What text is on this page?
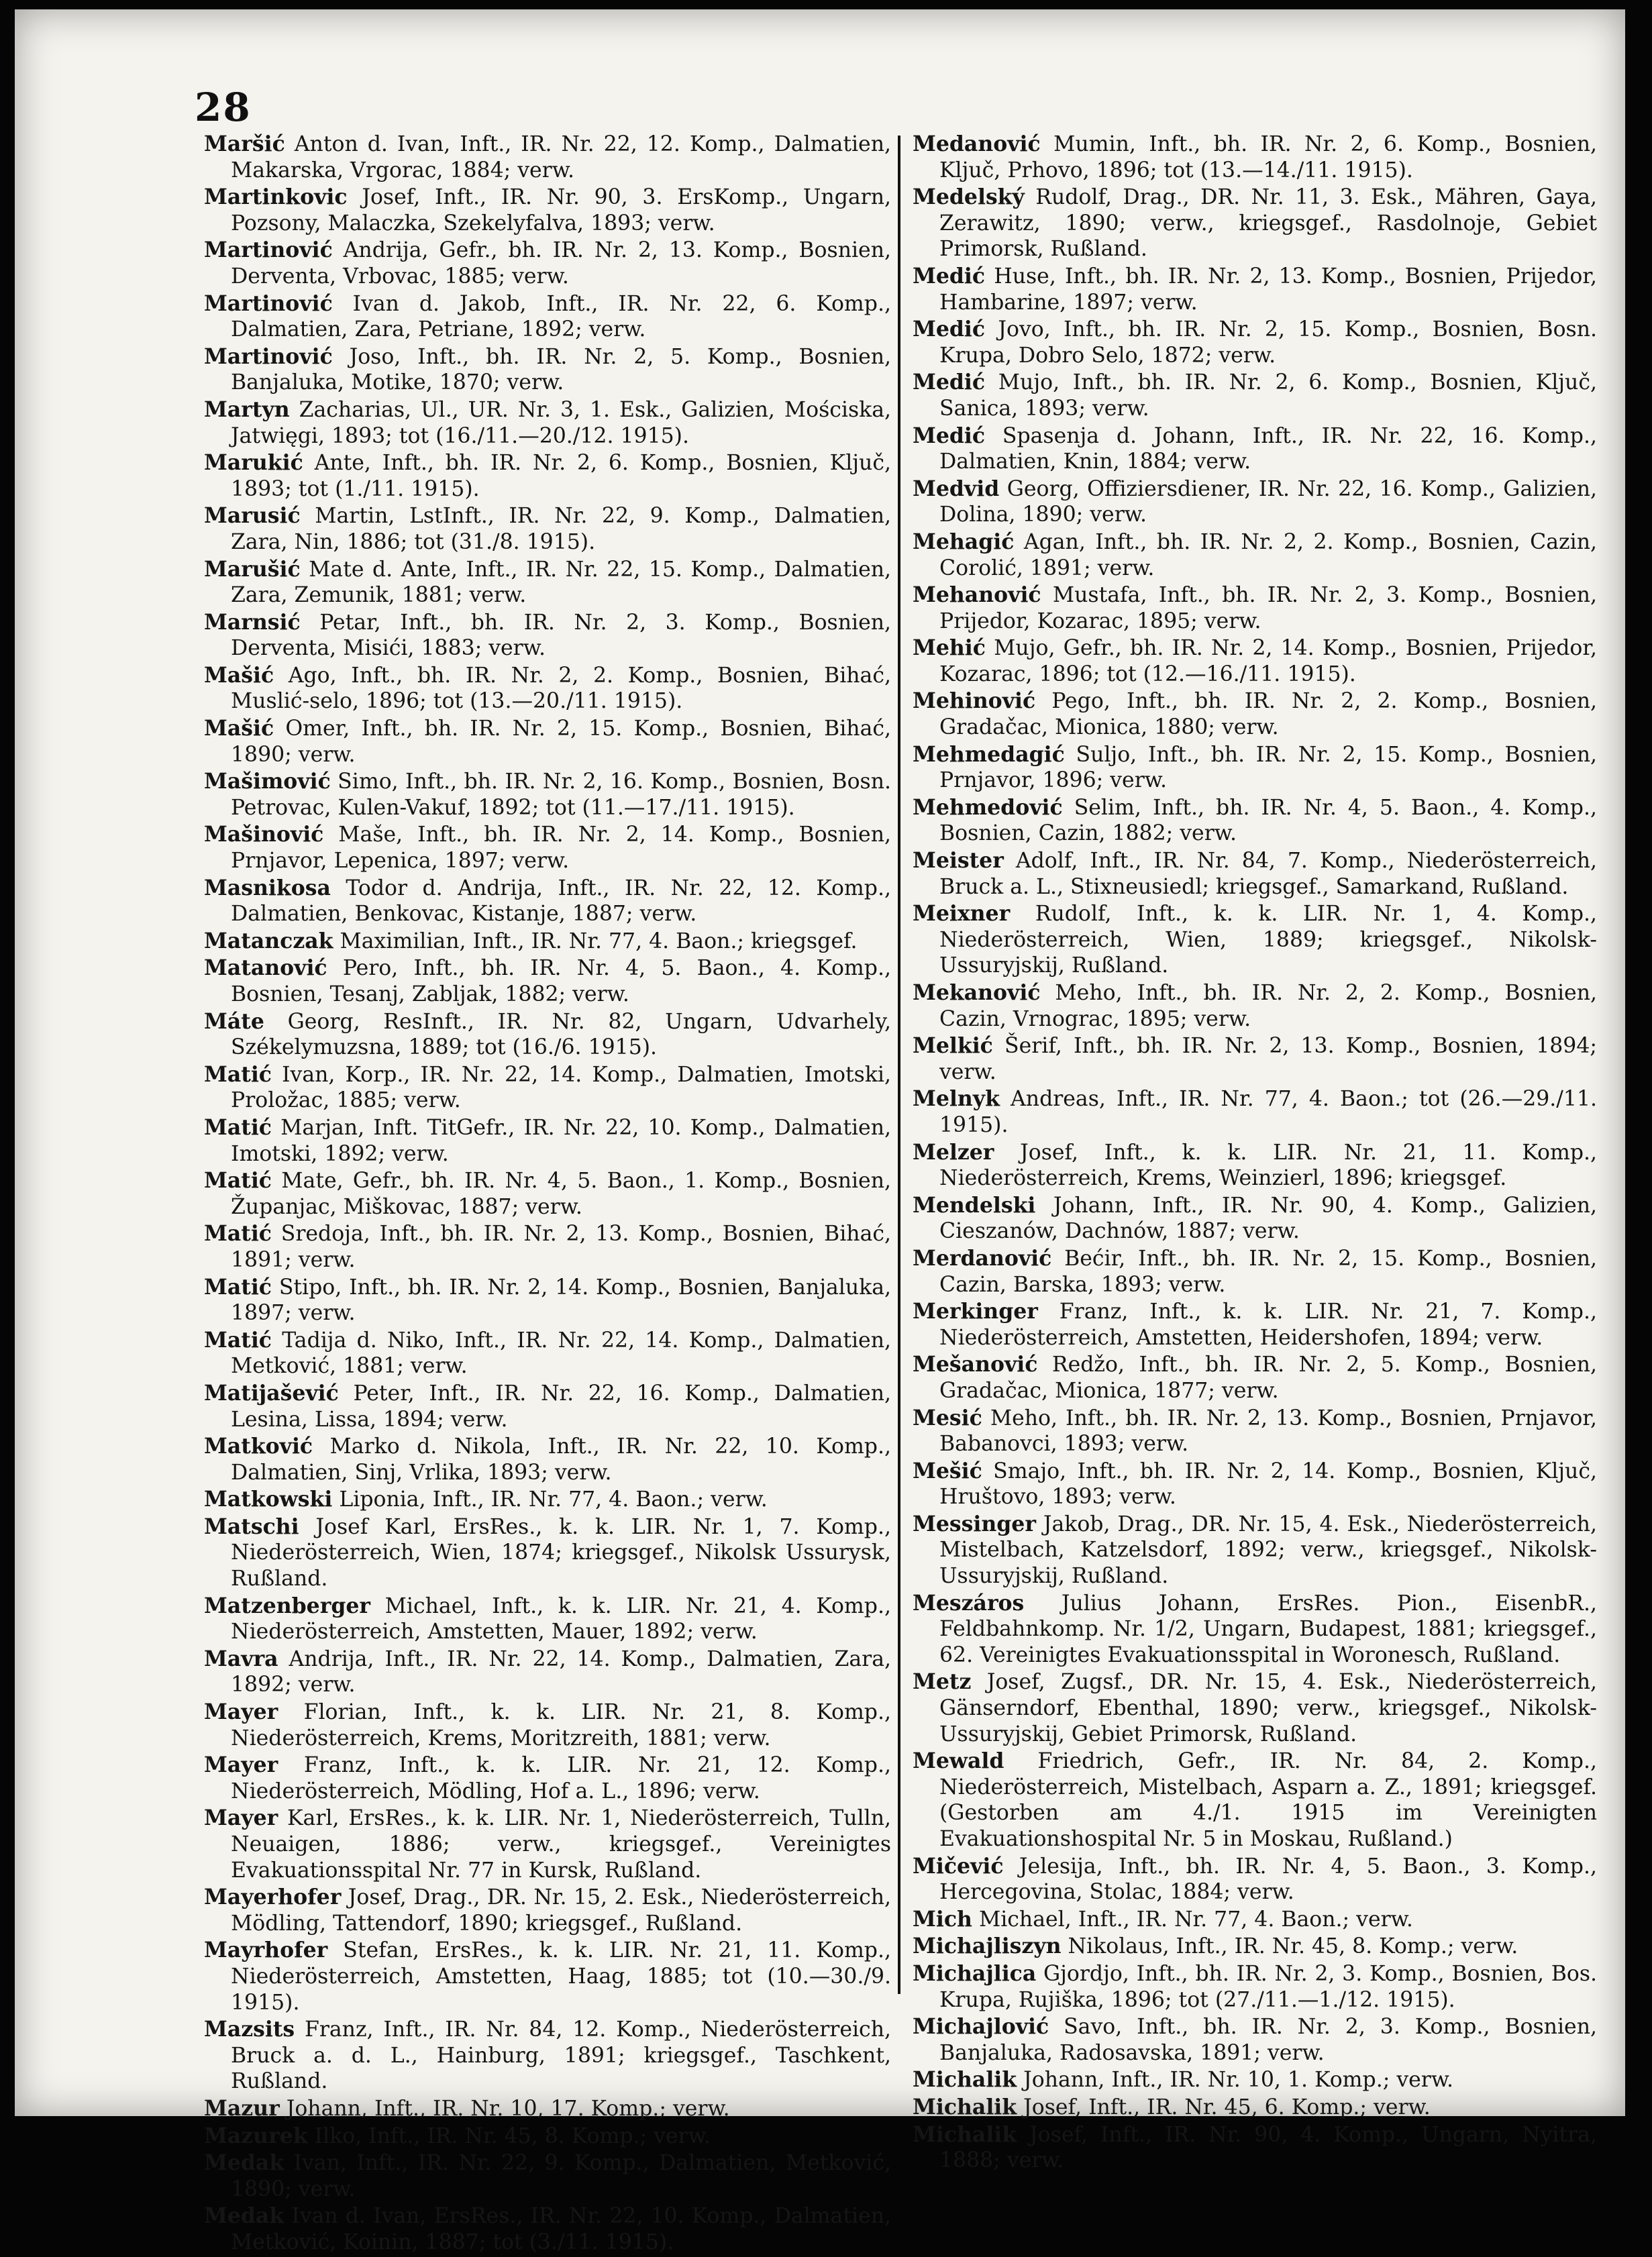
28

Maršić Anton d. Ivan, Inft., IR. Nr. 22, 12. Komp., Dalmatien, Makarska, Vrgorac, 1884; verw.

Martinkovic Josef, Inft., IR. Nr. 90, 3. ErsKomp., Ungarn, Pozsony, Malaczka, Szekelyfalva, 1893; verw.

Martinović Andrija, Gefr., bh. IR. Nr. 2, 13. Komp., Bosnien, Derventa, Vrbovac, 1885; verw.

Martinović Ivan d. Jakob, Inft., IR. Nr. 22, 6. Komp., Dalmatien, Zara, Petriane, 1892; verw.

Martinović Joso, Inft., bh. IR. Nr. 2, 5. Komp., Bosnien, Banjaluka, Motike, 1870; verw.

Martyn Zacharias, Ul., UR. Nr. 3, 1. Esk., Galizien, Mościska, Jatwięgi, 1893; tot (16./11.—20./12. 1915).

Marukić Ante, Inft., bh. IR. Nr. 2, 6. Komp., Bosnien, Ključ, 1893; tot (1./11. 1915).

Marusić Martin, LstInft., IR. Nr. 22, 9. Komp., Dalmatien, Zara, Nin, 1886; tot (31./8. 1915).

Marušić Mate d. Ante, Inft., IR. Nr. 22, 15. Komp., Dalmatien, Zara, Zemunik, 1881; verw.

Marnsić Petar, Inft., bh. IR. Nr. 2, 3. Komp., Bosnien, Derventa, Misići, 1883; verw.

Mašić Ago, Inft., bh. IR. Nr. 2, 2. Komp., Bosnien, Bihać, Muslić-selo, 1896; tot (13.—20./11. 1915).

Mašić Omer, Inft., bh. IR. Nr. 2, 15. Komp., Bosnien, Bihać, 1890; verw.

Mašimović Simo, Inft., bh. IR. Nr. 2, 16. Komp., Bosnien, Bosn. Petrovac, Kulen-Vakuf, 1892; tot (11.—17./11. 1915).

Mašinović Maše, Inft., bh. IR. Nr. 2, 14. Komp., Bosnien, Prnjavor, Lepenica, 1897; verw.

Masnikosa Todor d. Andrija, Inft., IR. Nr. 22, 12. Komp., Dalmatien, Benkovac, Kistanje, 1887; verw.

Matanczak Maximilian, Inft., IR. Nr. 77, 4. Baon.; kriegsgef.

Matanović Pero, Inft., bh. IR. Nr. 4, 5. Baon., 4. Komp., Bosnien, Tesanj, Zabljak, 1882; verw.

Máte Georg, ResInft., IR. Nr. 82, Ungarn, Udvarhely, Székelymuzsna, 1889; tot (16./6. 1915).

Matić Ivan, Korp., IR. Nr. 22, 14. Komp., Dalmatien, Imotski, Proložac, 1885; verw.

Matić Marjan, Inft. TitGefr., IR. Nr. 22, 10. Komp., Dalmatien, Imotski, 1892; verw.

Matić Mate, Gefr., bh. IR. Nr. 4, 5. Baon., 1. Komp., Bosnien, Županjac, Miškovac, 1887; verw.

Matić Sredoja, Inft., bh. IR. Nr. 2, 13. Komp., Bosnien, Bihać, 1891; verw.

Matić Stipo, Inft., bh. IR. Nr. 2, 14. Komp., Bosnien, Banjaluka, 1897; verw.

Matić Tadija d. Niko, Inft., IR. Nr. 22, 14. Komp., Dalmatien, Metković, 1881; verw.

Matijašević Peter, Inft., IR. Nr. 22, 16. Komp., Dalmatien, Lesina, Lissa, 1894; verw.

Matković Marko d. Nikola, Inft., IR. Nr. 22, 10. Komp., Dalmatien, Sinj, Vrlika, 1893; verw.

Matkowski Liponia, Inft., IR. Nr. 77, 4. Baon.; verw.

Matschi Josef Karl, ErsRes., k. k. LIR. Nr. 1, 7. Komp., Niederösterreich, Wien, 1874; kriegsgef., Nikolsk Ussurysk, Rußland.

Matzenberger Michael, Inft., k. k. LIR. Nr. 21, 4. Komp., Niederösterreich, Amstetten, Mauer, 1892; verw.

Mavra Andrija, Inft., IR. Nr. 22, 14. Komp., Dalmatien, Zara, 1892; verw.

Mayer Florian, Inft., k. k. LIR. Nr. 21, 8. Komp., Niederösterreich, Krems, Moritzreith, 1881; verw.

Mayer Franz, Inft., k. k. LIR. Nr. 21, 12. Komp., Niederösterreich, Mödling, Hof a. L., 1896; verw.

Mayer Karl, ErsRes., k. k. LIR. Nr. 1, Niederösterreich, Tulln, Neuaigen, 1886; verw., kriegsgef., Vereinigtes Evakuationsspital Nr. 77 in Kursk, Rußland.

Mayerhofer Josef, Drag., DR. Nr. 15, 2. Esk., Niederösterreich, Mödling, Tattendorf, 1890; kriegsgef., Rußland.

Mayrhofer Stefan, ErsRes., k. k. LIR. Nr. 21, 11. Komp., Niederösterreich, Amstetten, Haag, 1885; tot (10.—30./9. 1915).

Mazsits Franz, Inft., IR. Nr. 84, 12. Komp., Niederösterreich, Bruck a. d. L., Hainburg, 1891; kriegsgef., Taschkent, Rußland.

Mazur Johann, Inft., IR. Nr. 10, 17. Komp.; verw.

Mazurek Ilko, Inft., IR. Nr. 45, 8. Komp.; verw.

Medak Ivan, Inft., IR. Nr. 22, 9. Komp., Dalmatien, Metković, 1890; verw.

Medak Ivan d. Ivan, ErsRes., IR. Nr. 22, 10. Komp., Dalmatien, Metković, Koinin, 1887; tot (3./11. 1915).

Medanović Mumin, Inft., bh. IR. Nr. 2, 6. Komp., Bosnien, Ključ, Prhovo, 1896; tot (13.—14./11. 1915).

Medelský Rudolf, Drag., DR. Nr. 11, 3. Esk., Mähren, Gaya, Zerawitz, 1890; verw., kriegsgef., Rasdolnoje, Gebiet Primorsk, Rußland.

Medić Huse, Inft., bh. IR. Nr. 2, 13. Komp., Bosnien, Prijedor, Hambarine, 1897; verw.

Medić Jovo, Inft., bh. IR. Nr. 2, 15. Komp., Bosnien, Bosn. Krupa, Dobro Selo, 1872; verw.

Medić Mujo, Inft., bh. IR. Nr. 2, 6. Komp., Bosnien, Ključ, Sanica, 1893; verw.

Medić Spasenja d. Johann, Inft., IR. Nr. 22, 16. Komp., Dalmatien, Knin, 1884; verw.

Medvid Georg, Offiziersdiener, IR. Nr. 22, 16. Komp., Galizien, Dolina, 1890; verw.

Mehagić Agan, Inft., bh. IR. Nr. 2, 2. Komp., Bosnien, Cazin, Corolić, 1891; verw.

Mehanović Mustafa, Inft., bh. IR. Nr. 2, 3. Komp., Bosnien, Prijedor, Kozarac, 1895; verw.

Mehić Mujo, Gefr., bh. IR. Nr. 2, 14. Komp., Bosnien, Prijedor, Kozarac, 1896; tot (12.—16./11. 1915).

Mehinović Pego, Inft., bh. IR. Nr. 2, 2. Komp., Bosnien, Gradačac, Mionica, 1880; verw.

Mehmedagić Suljo, Inft., bh. IR. Nr. 2, 15. Komp., Bosnien, Prnjavor, 1896; verw.

Mehmedović Selim, Inft., bh. IR. Nr. 4, 5. Baon., 4. Komp., Bosnien, Cazin, 1882; verw.

Meister Adolf, Inft., IR. Nr. 84, 7. Komp., Niederösterreich, Bruck a. L., Stixneusiedl; kriegsgef., Samarkand, Rußland.

Meixner Rudolf, Inft., k. k. LIR. Nr. 1, 4. Komp., Niederösterreich, Wien, 1889; kriegsgef., Nikolsk-Ussuryjskij, Rußland.

Mekanović Meho, Inft., bh. IR. Nr. 2, 2. Komp., Bosnien, Cazin, Vrnograc, 1895; verw.

Melkić Šerif, Inft., bh. IR. Nr. 2, 13. Komp., Bosnien, 1894; verw.

Melnyk Andreas, Inft., IR. Nr. 77, 4. Baon.; tot (26.—29./11. 1915).

Melzer Josef, Inft., k. k. LIR. Nr. 21, 11. Komp., Niederösterreich, Krems, Weinzierl, 1896; kriegsgef.

Mendelski Johann, Inft., IR. Nr. 90, 4. Komp., Galizien, Cieszanów, Dachnów, 1887; verw.

Merdanović Bećir, Inft., bh. IR. Nr. 2, 15. Komp., Bosnien, Cazin, Barska, 1893; verw.

Merkinger Franz, Inft., k. k. LIR. Nr. 21, 7. Komp., Niederösterreich, Amstetten, Heidershofen, 1894; verw.

Mešanović Redžo, Inft., bh. IR. Nr. 2, 5. Komp., Bosnien, Gradačac, Mionica, 1877; verw.

Mesić Meho, Inft., bh. IR. Nr. 2, 13. Komp., Bosnien, Prnjavor, Babanovci, 1893; verw.

Mešić Smajo, Inft., bh. IR. Nr. 2, 14. Komp., Bosnien, Ključ, Hruštovo, 1893; verw.

Messinger Jakob, Drag., DR. Nr. 15, 4. Esk., Niederösterreich, Mistelbach, Katzelsdorf, 1892; verw., kriegsgef., Nikolsk-Ussuryjskij, Rußland.

Meszáros Julius Johann, ErsRes. Pion., EisenbR., Feldbahnkomp. Nr. 1/2, Ungarn, Budapest, 1881; kriegsgef., 62. Vereinigtes Evakuationsspital in Woronesch, Rußland.

Metz Josef, Zugsf., DR. Nr. 15, 4. Esk., Niederösterreich, Gänserndorf, Ebenthal, 1890; verw., kriegsgef., Nikolsk-Ussuryjskij, Gebiet Primorsk, Rußland.

Mewald Friedrich, Gefr., IR. Nr. 84, 2. Komp., Niederösterreich, Mistelbach, Asparn a. Z., 1891; kriegsgef. (Gestorben am 4./1. 1915 im Vereinigten Evakuationshospital Nr. 5 in Moskau, Rußland.)

Mičević Jelesija, Inft., bh. IR. Nr. 4, 5. Baon., 3. Komp., Hercegovina, Stolac, 1884; verw.

Mich Michael, Inft., IR. Nr. 77, 4. Baon.; verw.

Michajliszyn Nikolaus, Inft., IR. Nr. 45, 8. Komp.; verw.

Michajlica Gjordjo, Inft., bh. IR. Nr. 2, 3. Komp., Bosnien, Bos. Krupa, Rujiška, 1896; tot (27./11.—1./12. 1915).

Michajlović Savo, Inft., bh. IR. Nr. 2, 3. Komp., Bosnien, Banjaluka, Radosavska, 1891; verw.

Michalik Johann, Inft., IR. Nr. 10, 1. Komp.; verw.

Michalik Josef, Inft., IR. Nr. 45, 6. Komp.; verw.

Michalik Josef, Inft., IR. Nr. 90, 4. Komp., Ungarn, Nyitra, 1888; verw.
